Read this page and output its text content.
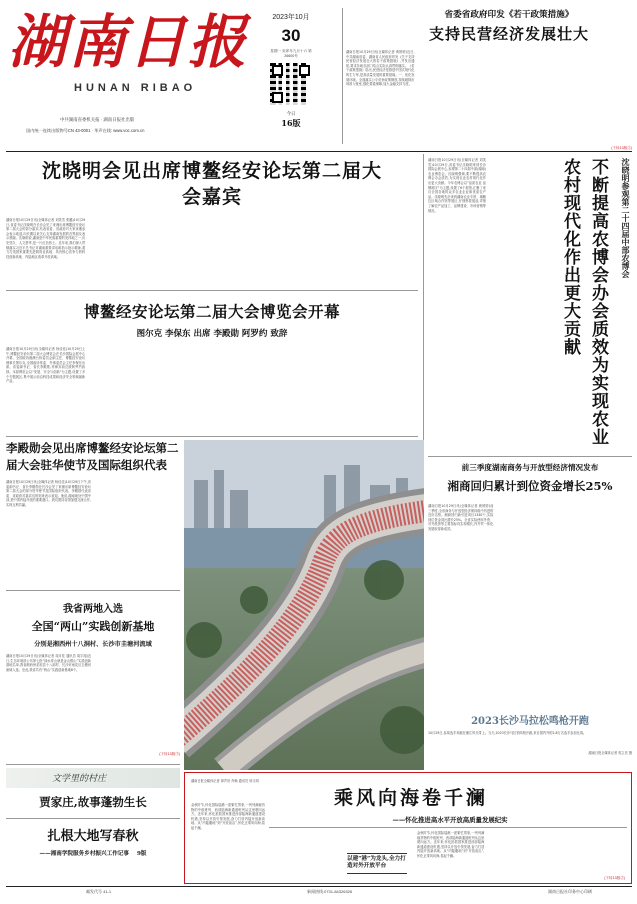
湖南日报
HUNAN RIBAO
中共湖南省委机关报 · 湖南日报社出版
国内统一连续出版物号CN 43-0001 · 华声在线: www.voc.com.cn
2023年10月
30
星期一 癸卯年九月十六 第26600号
今日
16版
省委省政府印发《若干政策措施》
支持民营经济发展壮大
湖南日报10月29日讯(全媒体记者 黄婷婷)近日,中共湖南省委、湖南省人民政府印发《关于支持民营经济发展壮大的若干政策措施》,并发出通知,要求各地各部门结合实际认真贯彻落实。《若干政策措施》指出,民营经济是推进中国式现代化的生力军,是高质量发展的重要基础。一、优化发展环境。全面落实公平竞争政策制度,持续破除市场准入壁垒,强化要素保障,加大金融支持力度。
(下转13版②)
沈晓明会见出席博鳌经安论坛第二届大会嘉宾
湖南日报10月29日讯(全媒体记者 刘笑雪 张璐)10月29日,省委书记沈晓明在长沙会见了来湘出席博鳌经安论坛第二届大会的部分嘉宾,代表省委、省政府对大家来湘参会表示欢迎,向长期以来关心支持湖南发展的各界朋友表示感谢。沈晓明说,湖南是中华民族重要的发祥地之一,历史悠久、人文荟萃,是一片红色热土。近年来,我们深入贯彻落实习近平总书记对湖南重要讲话和指示批示精神,着力打造国家重要先进制造业高地、具有核心竞争力的科技创新高地、内陆地区改革开放高地。
湖南日报10月29日讯(全媒体记者 刘笑雪)10月29日,省委书记沈晓明来到长沙国际会展中心,参观第二十四届中部(湖南)农业博览会。沈晓明强调,要不断提高农博会办会质效,为实现农业农村现代化作出更大贡献。今年农博会以“品质农业 品牌湘字”为主题,设置了6个展馆,汇聚了来自全国各地的众多农业企业和优质农产品。沈晓明先后来到湖南农业专馆、湘赣边区域合作馆等展区,仔细察看展品,详细了解农产品加工、品牌建设、市场营销等情况。	不断提高农博会办会质效为实现农业农村现代化作出更大贡献	沈晓明参观第二十四届中部农博会
博鳌经安论坛第二届大会博览会开幕
图尔克 李保东 出席 李殿勋 阿罗约 致辞
湖南日报10月29日讯(全媒体记者 杨佳佳)10月29日上午,博鳌经安论坛第二届大会博览会在长沙国际会展中心开幕。全国政协港澳台侨委员会副主任、博鳌经安论坛理事长图尔克,全国政协常委、外事委员会主任李保东出席。省委副书记、省长李殿勋,菲律宾前总统阿罗约致辞。本届博览会以“发展、安全与创新”为主题,设置了多个专题展区,集中展示前沿科技成果和经济安全领域最新产品。
李殿勋会见出席博鳌经安论坛第二届大会驻华使节及国际组织代表
湖南日报10月29日讯(全媒体记者 杨佳佳)10月29日下午,省委副书记、省长李殿勋在长沙会见了来湘出席博鳌经安论坛第二届大会的部分驻华使节及国际组织代表。李殿勋代表省委、省政府对嘉宾们的到来表示欢迎。他说,湖南地处中国中部,是中国内陆开放的重要窗口。我们愿同各国加强交流合作,实现互利共赢。
前三季度湖南商务与开放型经济情况发布
湘商回归累计到位资金增长25%
湖南日报10月29日讯(全媒体记者 黄婷婷)前三季度,全省商务与开放型经济保持稳中有进的良好态势。湘商回归新引进项目1340个,实际到位资金同比增长25%。全省实际使用外资、对外投资等主要指标均实现增长,内外贸一体化发展取得新成效。
2023长沙马拉松鸣枪开跑
10月29日,参赛选手奔跑在湘江风光带上。当天,2023长沙马拉松鸣枪开跑,来自国内外的2.8万名选手参加比赛。
湖南日报全媒体记者 郭立亮 摄
我省两地入选
全国“两山”实践创新基地
分别是湘西州十八洞村、长沙市圭塘河流域
湖南日报10月29日讯(全媒体记者 周月桂 通讯员 周宇翔)近日,生态环境部公布第七批“绿水青山就是金山银山”实践创新基地名单,我省湘西州花垣县十八洞村、长沙市雨花区圭塘河流域入选。至此,我省共有“两山”实践创新基地8个。
(下转13版③)
文学里的村庄
贾家庄,故事蓬勃生长
扎根大地写春秋
——湘南学院服务乡村振兴工作记事 9版
湖南日报全媒体记者 廖声田 肖畅 通讯员 杨义明
金秋时节,怀化国际陆港一派繁忙景象,一列列满载货物的中欧班列、西部陆海新通道班列从这里驶向远方。近年来,怀化抢抓国家推进西部陆海新通道建设机遇,坚持以开放引领发展,奋力打造内陆开放新高地。从“内陆腹地”到“开放前沿”,怀化正乘风向海,卷起千澜。
乘风向海卷千澜
——怀化推进高水平开放高质量发展纪实
以建“港”为龙头,全力打造对外开放平台
金秋时节,怀化国际陆港一派繁忙景象,一列列满载货物的中欧班列、西部陆海新通道班列从这里驶向远方。近年来,怀化抢抓国家推进西部陆海新通道建设机遇,坚持以开放引领发展,奋力打造内陆开放新高地。从“内陆腹地”到“开放前沿”,怀化正乘风向海,卷起千澜。
(下转13版②)
邮发代号 41-1	新闻热线:0731-84326326	湖南日报社印务中心印刷
